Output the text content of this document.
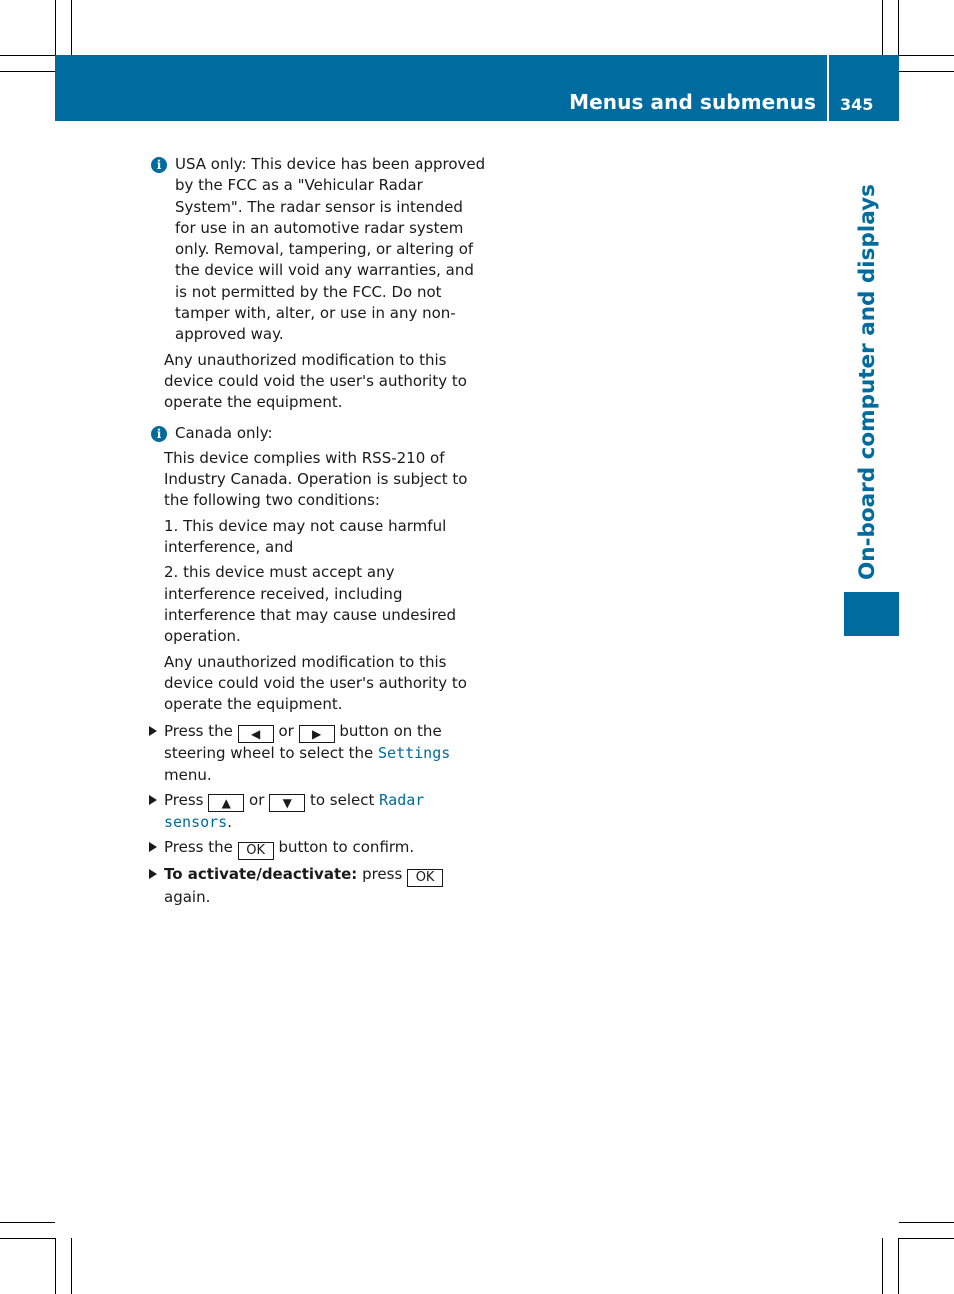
Menus and submenus 345
On-board computer and displays
i USA only: This device has been approved by the FCC as a "Vehicular Radar System". The radar sensor is intended for use in an automotive radar system only. Removal, tampering, or altering of the device will void any warranties, and is not permitted by the FCC. Do not tamper with, alter, or use in any non-approved way.

Any unauthorized modification to this device could void the user's authority to operate the equipment.

i Canada only:

This device complies with RSS-210 of Industry Canada. Operation is subject to the following two conditions:

1. This device may not cause harmful interference, and

2. this device must accept any interference received, including interference that may cause undesired operation.

Any unauthorized modification to this device could void the user's authority to operate the equipment.

Press the ◀ or ▶ button on the steering wheel to select the Settings menu.
Press ▲ or ▼ to select Radar sensors.
Press the OK button to confirm.
To activate/deactivate: press OK again.
